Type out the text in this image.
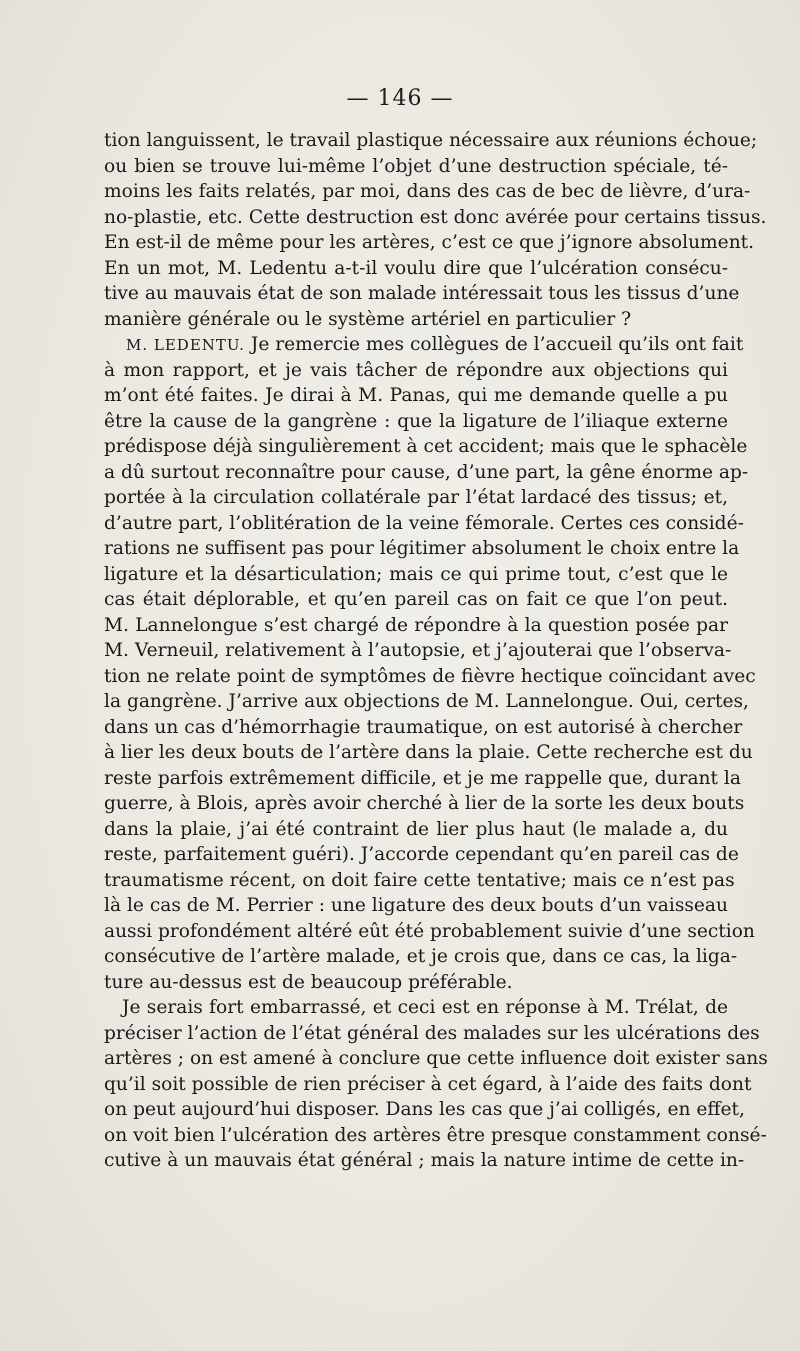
— 146 —
tion languissent, le travail plastique nécessaire aux réunions échoue;
ou bien se trouve lui-même l’objet d’une destruction spéciale, té-
moins les faits relatés, par moi, dans des cas de bec de lièvre, d’ura-
no-plastie, etc. Cette destruction est donc avérée pour certains tissus.
En est-il de même pour les artères, c’est ce que j’ignore absolument.
En un mot, M. Ledentu a-t-il voulu dire que l’ulcération consécu-
tive au mauvais état de son malade intéressait tous les tissus d’une
manière générale ou le système artériel en particulier ?
M. LEDENTU. Je remercie mes collègues de l’accueil qu’ils ont fait
à mon rapport, et je vais tâcher de répondre aux objections qui
m’ont été faites. Je dirai à M. Panas, qui me demande quelle a pu
être la cause de la gangrène : que la ligature de l’iliaque externe
prédispose déjà singulièrement à cet accident; mais que le sphacèle
a dû surtout reconnaître pour cause, d’une part, la gêne énorme ap-
portée à la circulation collatérale par l’état lardacé des tissus; et,
d’autre part, l’oblitération de la veine fémorale. Certes ces considé-
rations ne suffisent pas pour légitimer absolument le choix entre la
ligature et la désarticulation; mais ce qui prime tout, c’est que le
cas était déplorable, et qu’en pareil cas on fait ce que l’on peut.
M. Lannelongue s’est chargé de répondre à la question posée par
M. Verneuil, relativement à l’autopsie, et j’ajouterai que l’observa-
tion ne relate point de symptômes de fièvre hectique coïncidant avec
la gangrène. J’arrive aux objections de M. Lannelongue. Oui, certes,
dans un cas d’hémorrhagie traumatique, on est autorisé à chercher
à lier les deux bouts de l’artère dans la plaie. Cette recherche est du
reste parfois extrêmement difficile, et je me rappelle que, durant la
guerre, à Blois, après avoir cherché à lier de la sorte les deux bouts
dans la plaie, j’ai été contraint de lier plus haut (le malade a, du
reste, parfaitement guéri). J’accorde cependant qu’en pareil cas de
traumatisme récent, on doit faire cette tentative; mais ce n’est pas
là le cas de M. Perrier : une ligature des deux bouts d’un vaisseau
aussi profondément altéré eût été probablement suivie d’une section
consécutive de l’artère malade, et je crois que, dans ce cas, la liga-
ture au-dessus est de beaucoup préférable.
Je serais fort embarrassé, et ceci est en réponse à M. Trélat, de
préciser l’action de l’état général des malades sur les ulcérations des
artères ; on est amené à conclure que cette influence doit exister sans
qu’il soit possible de rien préciser à cet égard, à l’aide des faits dont
on peut aujourd’hui disposer. Dans les cas que j’ai colligés, en effet,
on voit bien l’ulcération des artères être presque constamment consé-
cutive à un mauvais état général ; mais la nature intime de cette in-
